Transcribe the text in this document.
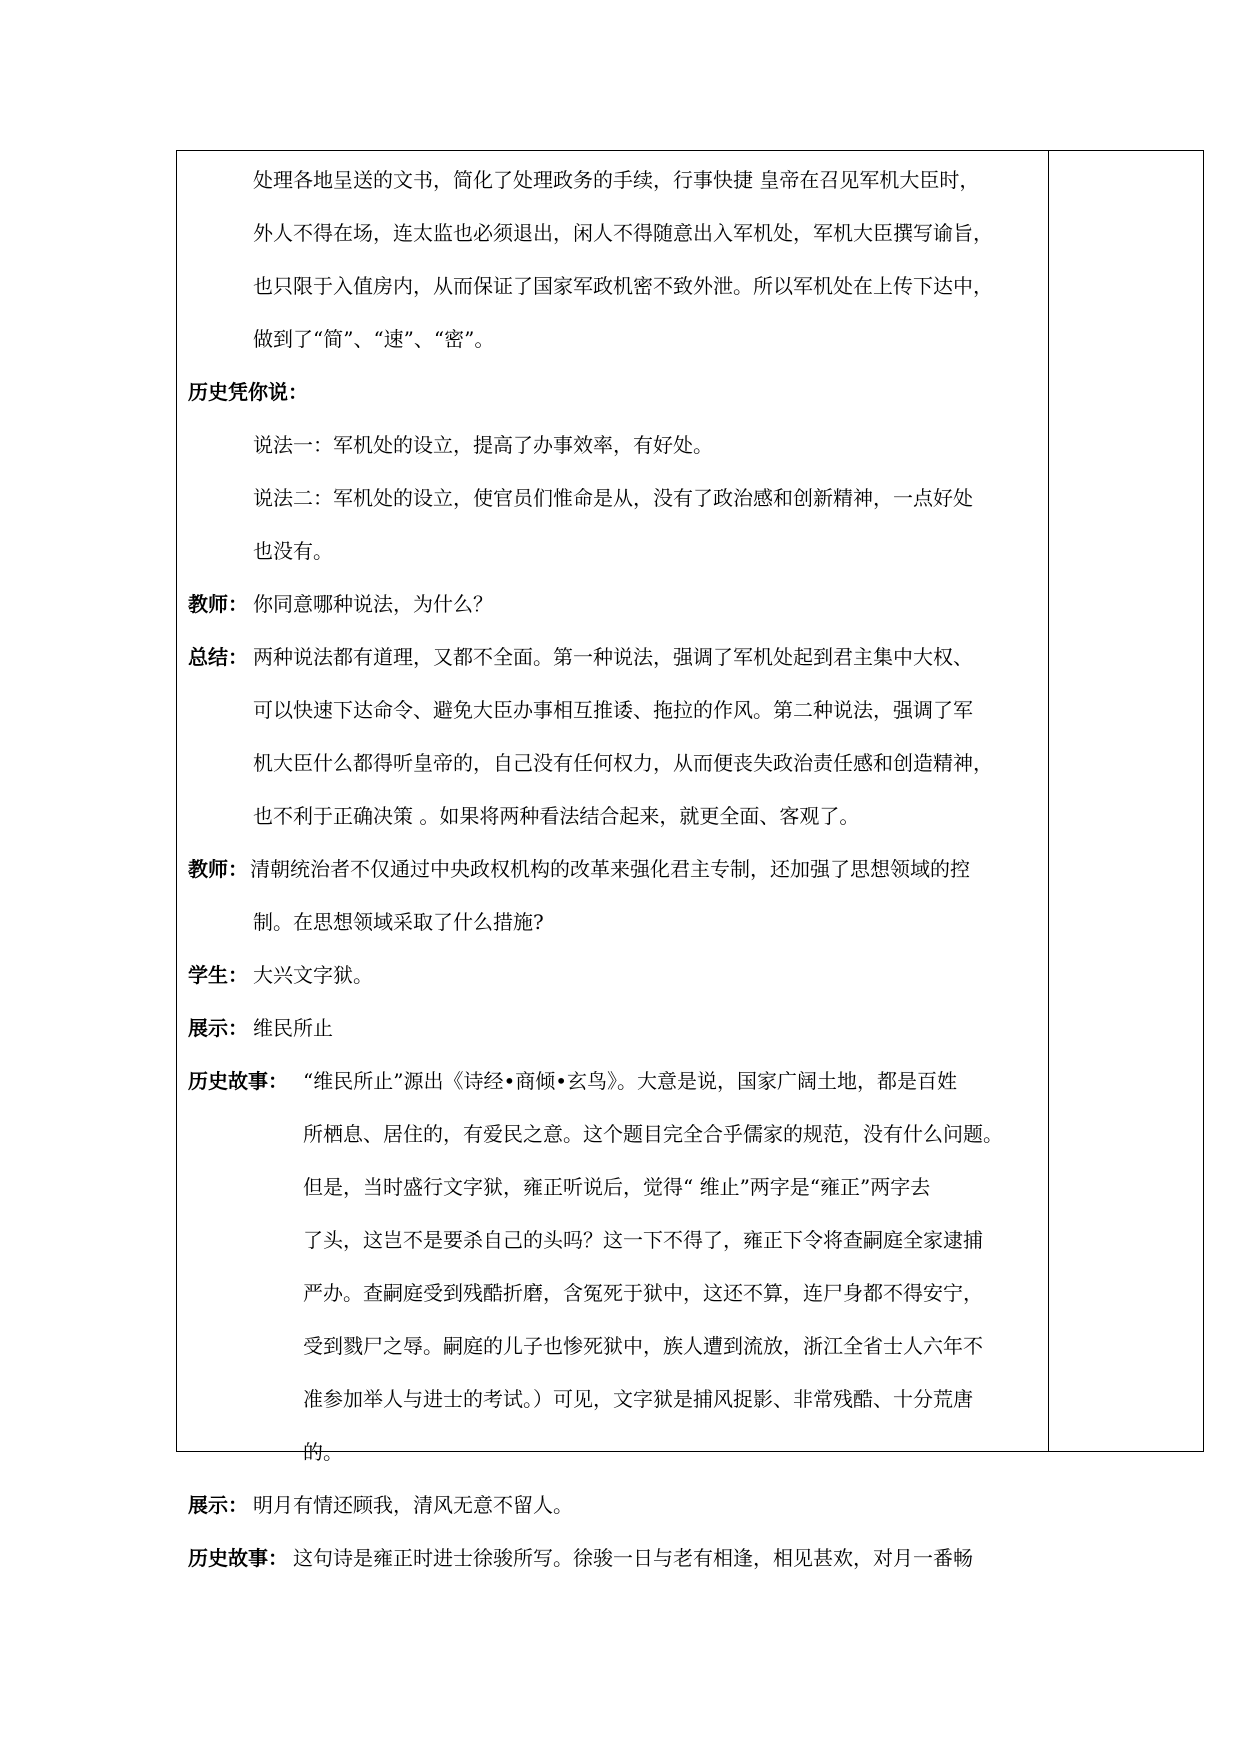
处理各地呈送的文书，简化了处理政务的手续，行事快捷 皇帝在召见军机大臣时，
外人不得在场，连太监也必须退出，闲人不得随意出入军机处，军机大臣撰写谕旨，
也只限于入值房内，从而保证了国家军政机密不致外泄。所以军机处在上传下达中，
做到了“简”、“速”、“密”。
历史凭你说：
说法一：军机处的设立，提高了办事效率，有好处。
说法二：军机处的设立，使官员们惟命是从，没有了政治感和创新精神，一点好处
也没有。
教师： 你同意哪种说法，为什么？
总结： 两种说法都有道理，又都不全面。第一种说法，强调了军机处起到君主集中大权、
可以快速下达命令、避免大臣办事相互推诿、拖拉的作风。第二种说法，强调了军
机大臣什么都得听皇帝的，自己没有任何权力，从而便丧失政治责任感和创造精神，
也不利于正确决策 。如果将两种看法结合起来，就更全面、客观了。
教师： 清朝统治者不仅通过中央政权机构的改革来强化君主专制，还加强了思想领域的控
制。在思想领域采取了什么措施?
学生： 大兴文字狱。
展示： 维民所止
历史故事： “维民所止”源出《诗经•商倾•玄鸟》。大意是说，国家广阔土地，都是百姓
所栖息、居住的，有爱民之意。这个题目完全合乎儒家的规范，没有什么问题。
但是，当时盛行文字狱，雍正听说后，觉得“ 维止”两字是“雍正”两字去
了头，这岂不是要杀自己的头吗？这一下不得了，雍正下令将查嗣庭全家逮捕
严办。查嗣庭受到残酷折磨，含冤死于狱中，这还不算，连尸身都不得安宁，
受到戮尸之辱。嗣庭的儿子也惨死狱中，族人遭到流放，浙江全省士人六年不
准参加举人与进士的考试。）可见，文字狱是捕风捉影、非常残酷、十分荒唐
的。
展示： 明月有情还顾我，清风无意不留人。
历史故事： 这句诗是雍正时进士徐骏所写。徐骏一日与老有相逢，相见甚欢，对月一番畅
